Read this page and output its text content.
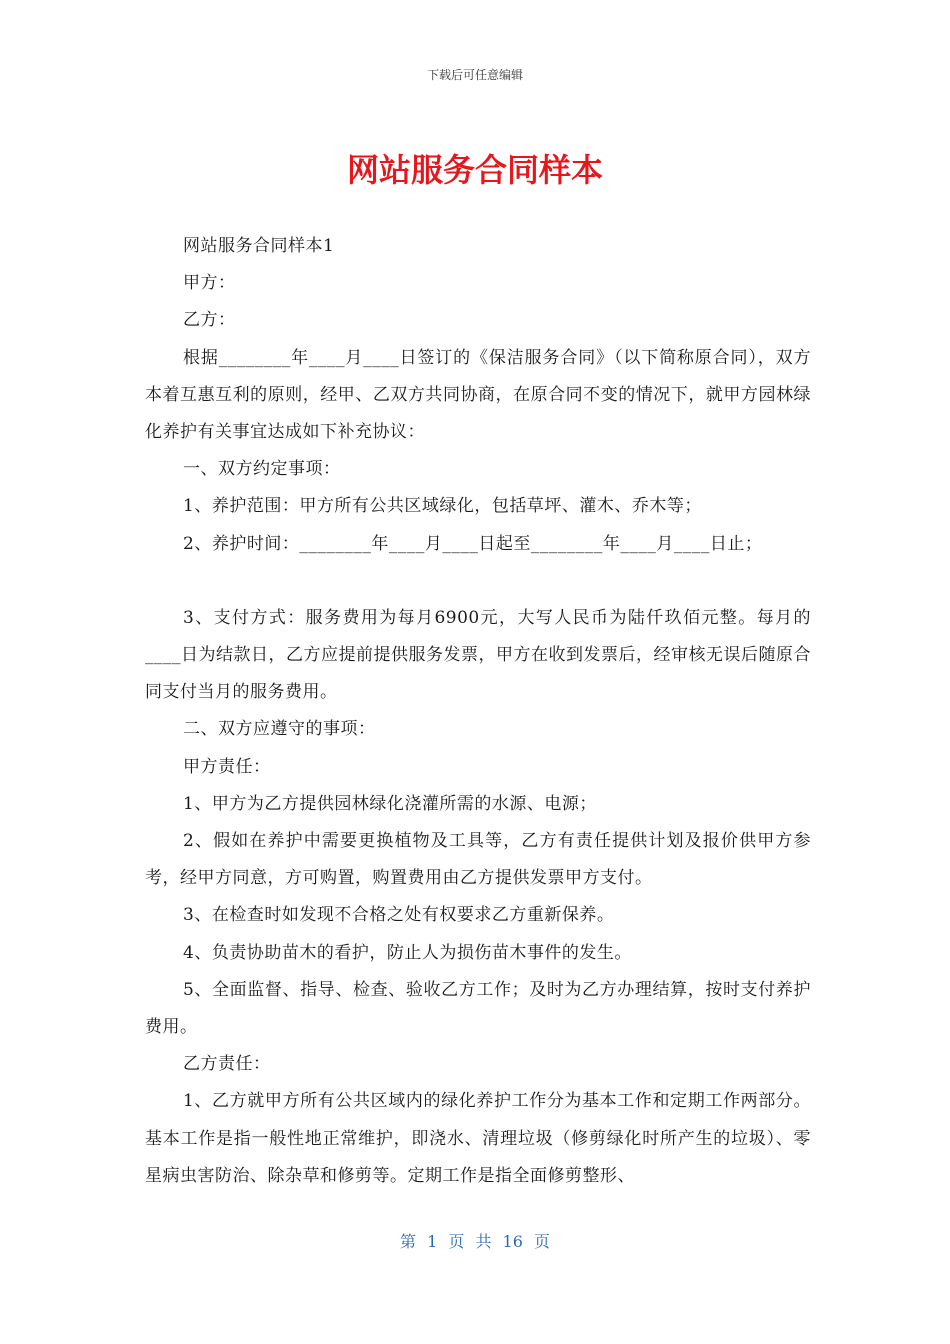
下载后可任意编辑
网站服务合同样本

网站服务合同样本1

甲方：

乙方：

根据________年____月____日签订的《保洁服务合同》（以下简称原合同），双方本着互惠互利的原则，经甲、乙双方共同协商，在原合同不变的情况下，就甲方园林绿化养护有关事宜达成如下补充协议：

一、双方约定事项：

1、养护范围：甲方所有公共区域绿化，包括草坪、灌木、乔木等；

2、养护时间：________年____月____日起至________年____月____日止；

3、支付方式：服务费用为每月6900元，大写人民币为陆仟玖佰元整。每月的____日为结款日，乙方应提前提供服务发票，甲方在收到发票后，经审核无误后随原合同支付当月的服务费用。

二、双方应遵守的事项：

甲方责任：

1、甲方为乙方提供园林绿化浇灌所需的水源、电源；

2、假如在养护中需要更换植物及工具等，乙方有责任提供计划及报价供甲方参考，经甲方同意，方可购置，购置费用由乙方提供发票甲方支付。

3、在检查时如发现不合格之处有权要求乙方重新保养。

4、负责协助苗木的看护，防止人为损伤苗木事件的发生。

5、全面监督、指导、检查、验收乙方工作；及时为乙方办理结算，按时支付养护费用。

乙方责任：

1、乙方就甲方所有公共区域内的绿化养护工作分为基本工作和定期工作两部分。基本工作是指一般性地正常维护，即浇水、清理垃圾（修剪绿化时所产生的垃圾）、零星病虫害防治、除杂草和修剪等。定期工作是指全面修剪整形、

第 1 页 共 16 页
